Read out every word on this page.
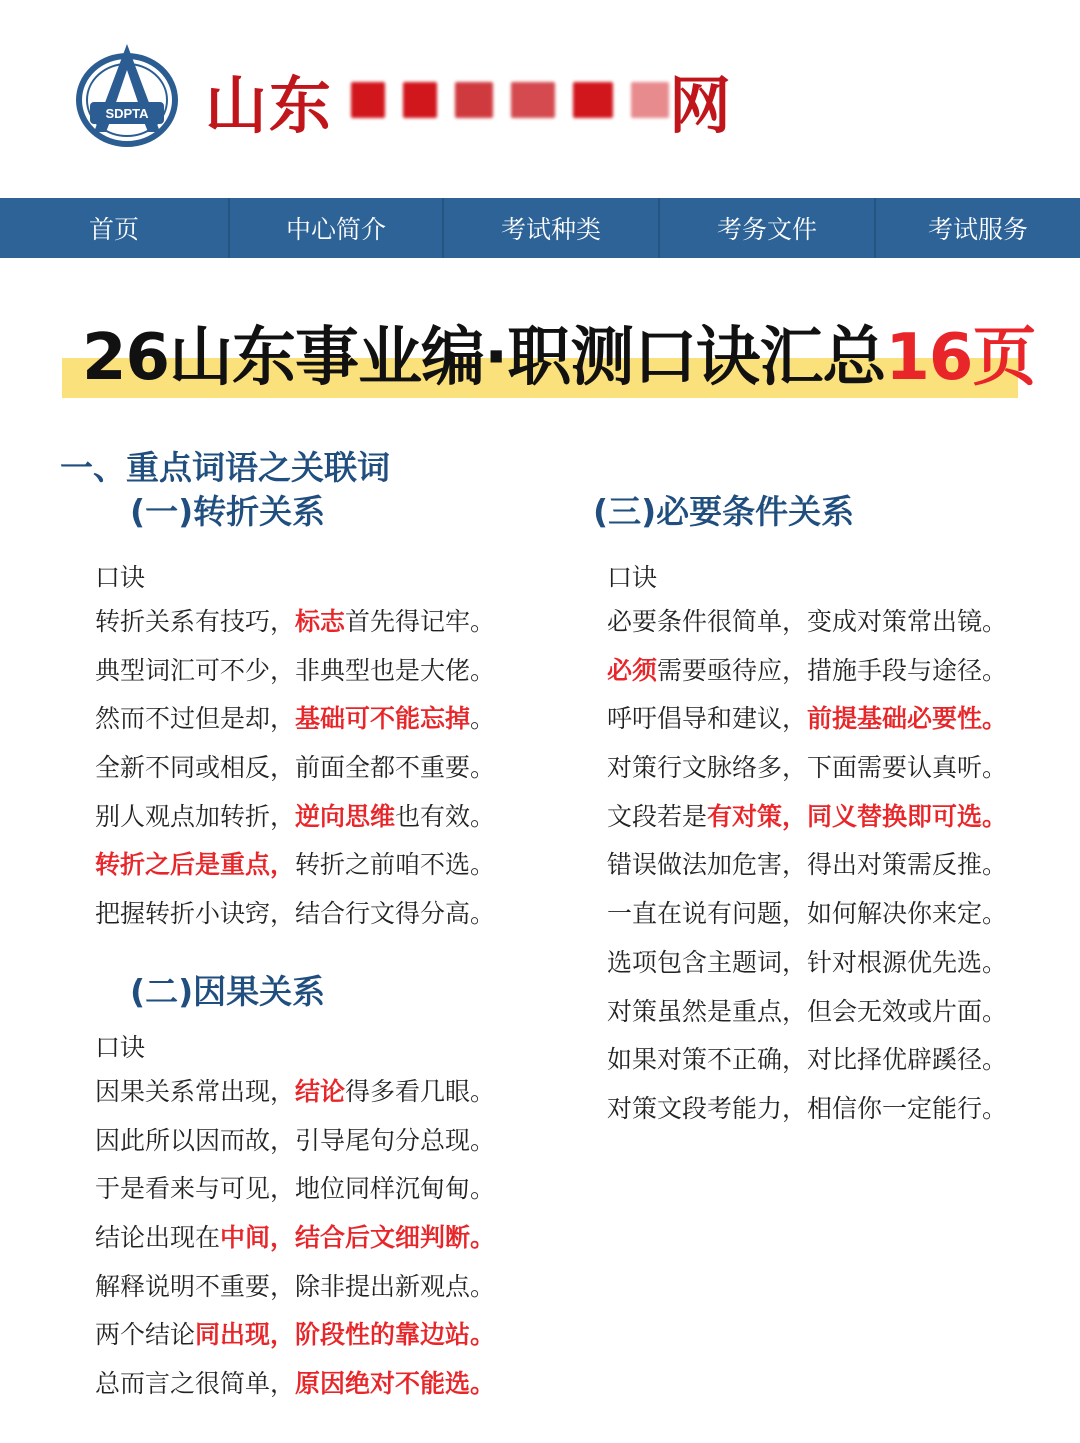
SDPTA 山东	网
首页	中心简介	考试种类	考务文件	考试服务
26山东事业编·职测口诀汇总16页
一、重点词语之关联词
(一)转折关系
口诀
转折关系有技巧，标志首先得记牢。
典型词汇可不少，非典型也是大佬。
然而不过但是却，基础可不能忘掉。
全新不同或相反，前面全都不重要。
别人观点加转折，逆向思维也有效。
转折之后是重点，转折之前咱不选。
把握转折小诀窍，结合行文得分高。
(二)因果关系
口诀
因果关系常出现，结论得多看几眼。
因此所以因而故，引导尾句分总现。
于是看来与可见，地位同样沉甸甸。
结论出现在中间，结合后文细判断。
解释说明不重要，除非提出新观点。
两个结论同出现，阶段性的靠边站。
总而言之很简单，原因绝对不能选。
(三)必要条件关系
口诀
必要条件很简单，变成对策常出镜。
必须需要亟待应，措施手段与途径。
呼吁倡导和建议，前提基础必要性。
对策行文脉络多，下面需要认真听。
文段若是有对策，同义替换即可选。
错误做法加危害，得出对策需反推。
一直在说有问题，如何解决你来定。
选项包含主题词，针对根源优先选。
对策虽然是重点，但会无效或片面。
如果对策不正确，对比择优辟蹊径。
对策文段考能力，相信你一定能行。
